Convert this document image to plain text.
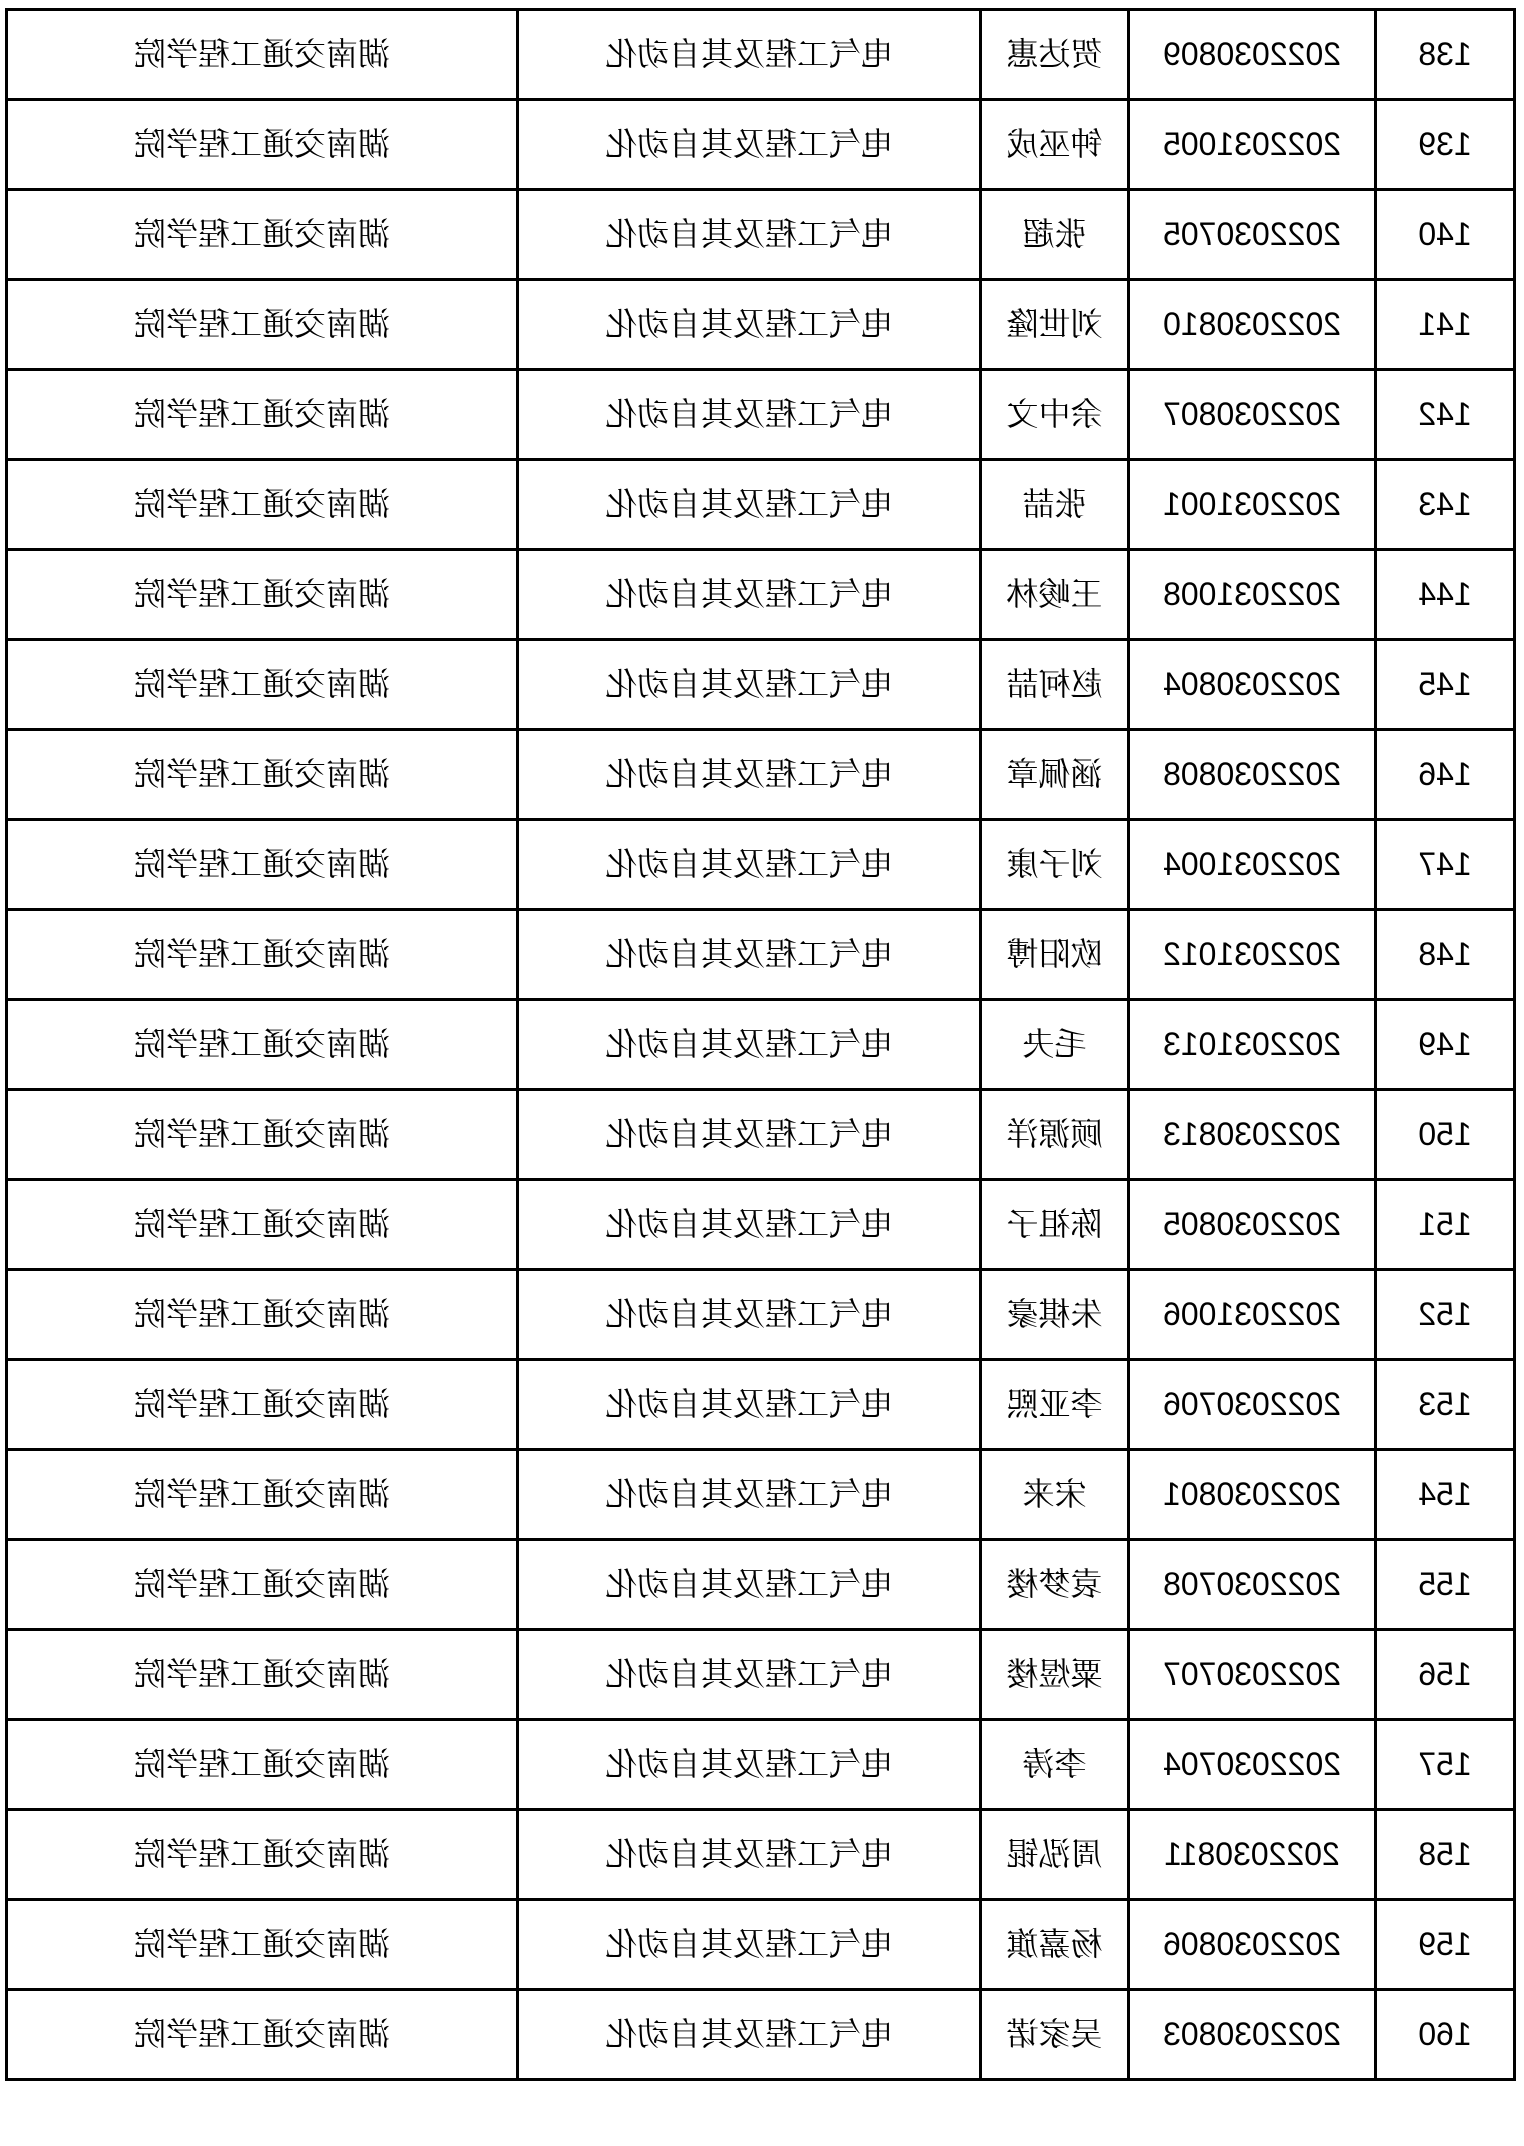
138	2022030809	贺达惠	电气工程及其自动化	湖南交通工程学院
139	2022031005	钟巫成	电气工程及其自动化	湖南交通工程学院
140	2022030705	张超	电气工程及其自动化	湖南交通工程学院
141	2022030810	刘世隆	电气工程及其自动化	湖南交通工程学院
142	2022030807	余中文	电气工程及其自动化	湖南交通工程学院
143	2022031001	张喆	电气工程及其自动化	湖南交通工程学院
144	2022031008	王峻林	电气工程及其自动化	湖南交通工程学院
145	2022030804	赵柯喆	电气工程及其自动化	湖南交通工程学院
146	2022030808	涵佩章	电气工程及其自动化	湖南交通工程学院
147	2022031004	刘子康	电气工程及其自动化	湖南交通工程学院
148	2022031012	欧阳博	电气工程及其自动化	湖南交通工程学院
149	2022031013	毛夬	电气工程及其自动化	湖南交通工程学院
150	2022030813	顾源洋	电气工程及其自动化	湖南交通工程学院
151	2022030805	陈祖子	电气工程及其自动化	湖南交通工程学院
152	2022031006	朱棋豪	电气工程及其自动化	湖南交通工程学院
153	2022030706	李亚熙	电气工程及其自动化	湖南交通工程学院
154	2022030801	宋来	电气工程及其自动化	湖南交通工程学院
155	2022030708	袁梦楼	电气工程及其自动化	湖南交通工程学院
156	2022030707	粟煜楼	电气工程及其自动化	湖南交通工程学院
157	2022030704	李涛	电气工程及其自动化	湖南交通工程学院
158	2022030811	周泓锟	电气工程及其自动化	湖南交通工程学院
159	2022030806	杨嘉旗	电气工程及其自动化	湖南交通工程学院
160	2022030803	吴家诺	电气工程及其自动化	湖南交通工程学院
